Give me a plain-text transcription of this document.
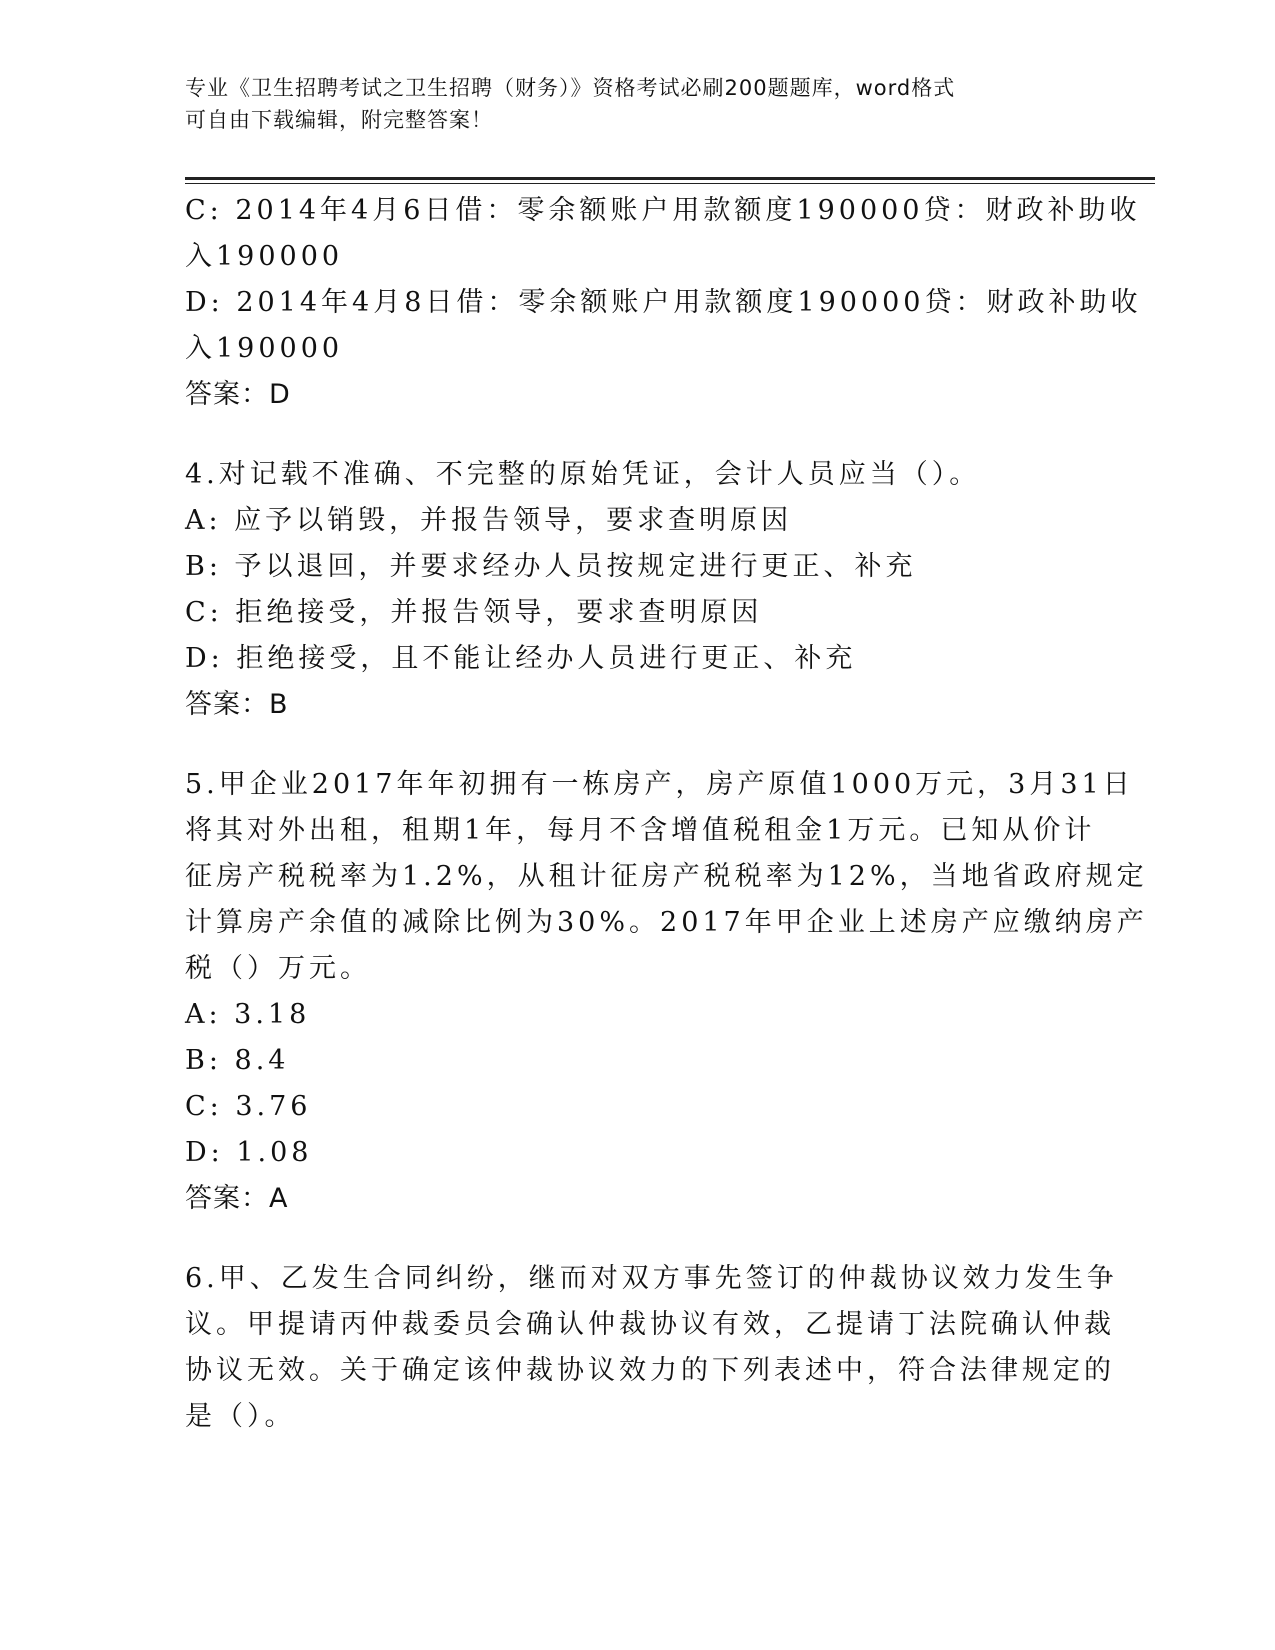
专业《卫生招聘考试之卫生招聘（财务）》资格考试必刷200题题库，word格式
可自由下载编辑，附完整答案！
C: 2014年4月6日借：零余额账户用款额度190000贷：财政补助收
入190000
D: 2014年4月8日借：零余额账户用款额度190000贷：财政补助收
入190000
答案：D
4.对记载不准确、不完整的原始凭证，会计人员应当（）。
A: 应予以销毁，并报告领导，要求查明原因
B: 予以退回，并要求经办人员按规定进行更正、补充
C: 拒绝接受，并报告领导，要求查明原因
D: 拒绝接受，且不能让经办人员进行更正、补充
答案：B
5.甲企业2017年年初拥有一栋房产，房产原值1000万元，3月31日
将其对外出租，租期1年，每月不含增值税租金1万元。已知从价计
征房产税税率为1.2%，从租计征房产税税率为12%，当地省政府规定
计算房产余值的减除比例为30%。2017年甲企业上述房产应缴纳房产
税（）万元。
A: 3.18
B: 8.4
C: 3.76
D: 1.08
答案：A
6.甲、乙发生合同纠纷，继而对双方事先签订的仲裁协议效力发生争
议。甲提请丙仲裁委员会确认仲裁协议有效，乙提请丁法院确认仲裁
协议无效。关于确定该仲裁协议效力的下列表述中，符合法律规定的
是（）。
